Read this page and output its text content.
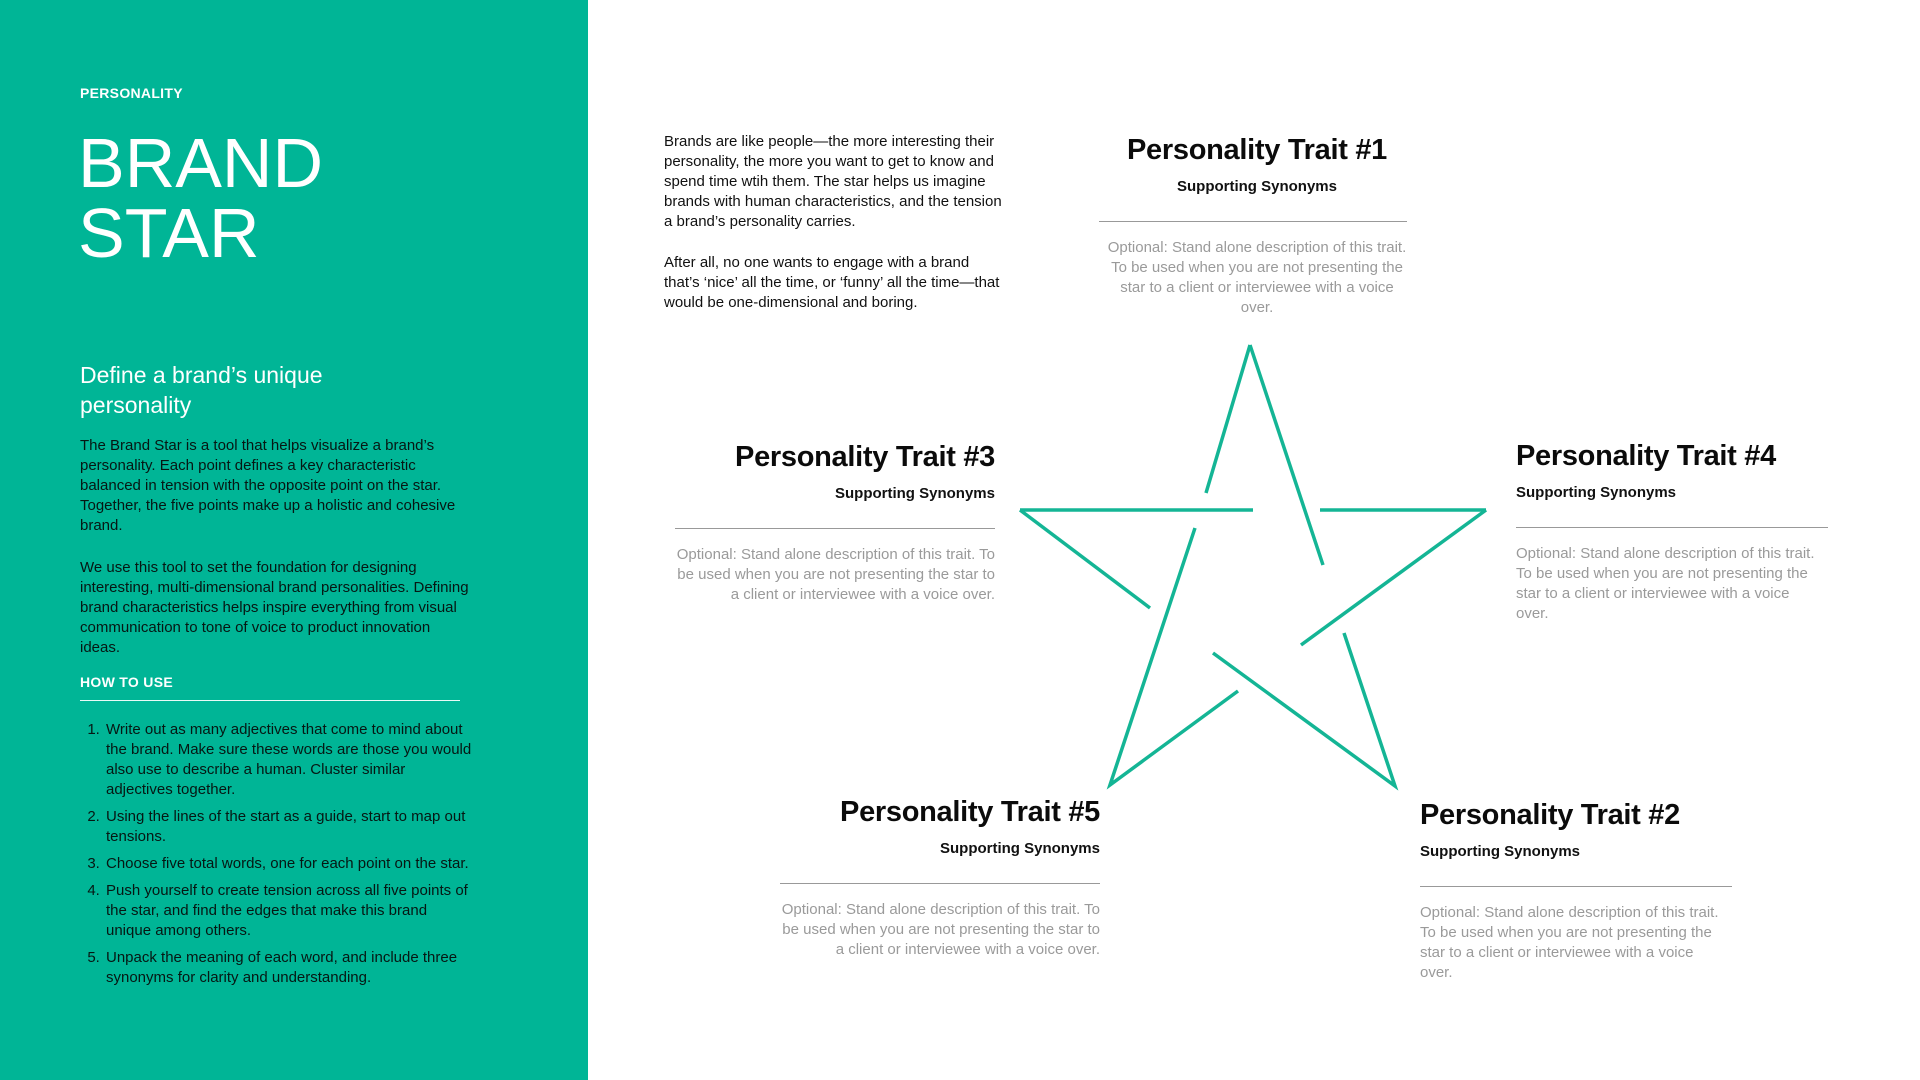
PERSONALITY
BRAND
STAR
Define a brand’s unique personality

The Brand Star is a tool that helps visualize a brand’s personality. Each point defines a key characteristic balanced in tension with the opposite point on the star. Together, the five points make up a holistic and cohesive brand.

We use this tool to set the foundation for designing interesting, multi-dimensional brand personalities. Defining brand characteristics helps inspire everything from visual communication to tone of voice to product innovation ideas.

HOW TO USE
1. Write out as many adjectives that come to mind about the brand. Make sure these words are those you would also use to describe a human. Cluster similar adjectives together.
2. Using the lines of the start as a guide, start to map out tensions.
3. Choose five total words, one for each point on the star.
4. Push yourself to create tension across all five points of the star, and find the edges that make this brand unique among others.
5. Unpack the meaning of each word, and include three synonyms for clarity and understanding.

Brands are like people—the more interesting their personality, the more you want to get to know and spend time wtih them. The star helps us imagine brands with human characteristics, and the tension a brand’s personality carries.

After all, no one wants to engage with a brand that’s ‘nice’ all the time, or ‘funny’ all the time—that would be one-dimensional and boring.

Personality Trait #1
Supporting Synonyms
Optional: Stand alone description of this trait. To be used when you are not presenting the star to a client or interviewee with a voice over.
Personality Trait #3
Supporting Synonyms
Optional: Stand alone description of this trait. To be used when you are not presenting the star to a client or interviewee with a voice over.
Personality Trait #4
Supporting Synonyms
Optional: Stand alone description of this trait. To be used when you are not presenting the star to a client or interviewee with a voice over.
Personality Trait #5
Supporting Synonyms
Optional: Stand alone description of this trait. To be used when you are not presenting the star to a client or interviewee with a voice over.
Personality Trait #2
Supporting Synonyms
Optional: Stand alone description of this trait. To be used when you are not presenting the star to a client or interviewee with a voice over.
